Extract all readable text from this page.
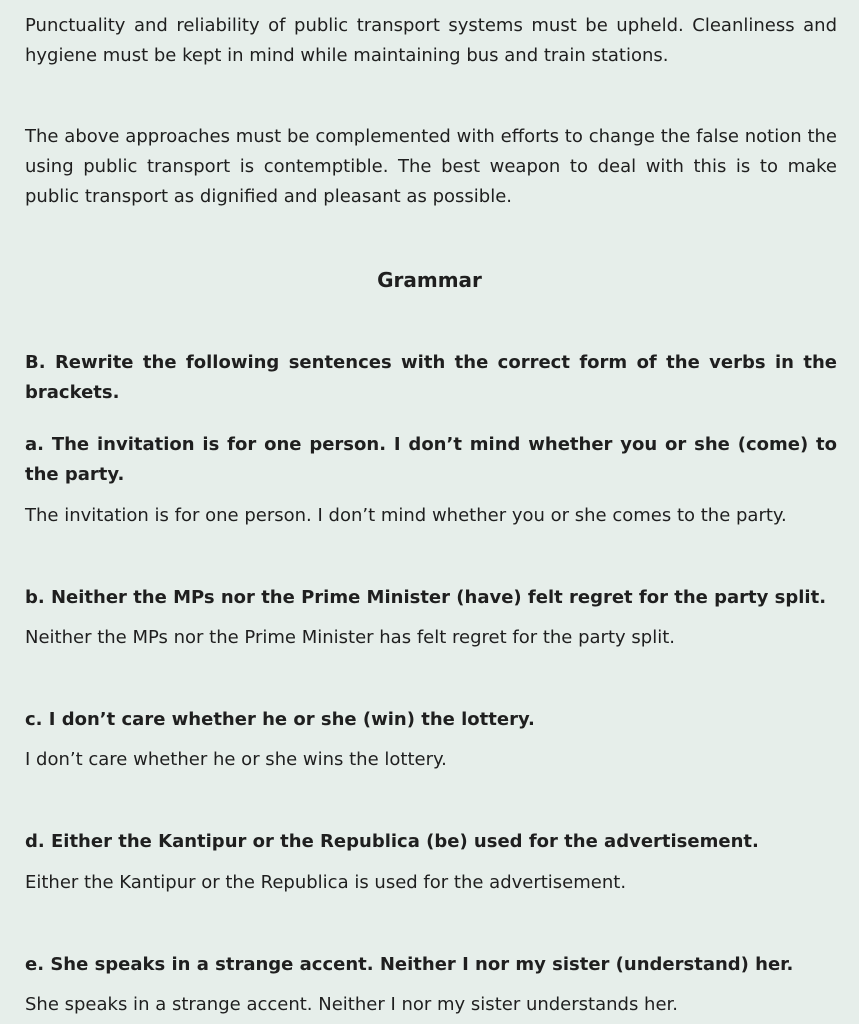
Punctuality and reliability of public transport systems must be upheld. Cleanliness and hygiene must be kept in mind while maintaining bus and train stations.

The above approaches must be complemented with efforts to change the false notion the using public transport is contemptible. The best weapon to deal with this is to make public transport as dignified and pleasant as possible.

Grammar

B. Rewrite the following sentences with the correct form of the verbs in the brackets.

a. The invitation is for one person. I don’t mind whether you or she (come) to the party.

The invitation is for one person. I don’t mind whether you or she comes to the party.

b. Neither the MPs nor the Prime Minister (have) felt regret for the party split.

Neither the MPs nor the Prime Minister has felt regret for the party split.

c. I don’t care whether he or she (win) the lottery.

I don’t care whether he or she wins the lottery.

d. Either the Kantipur or the Republica (be) used for the advertisement.

Either the Kantipur or the Republica is used for the advertisement.

e. She speaks in a strange accent. Neither I nor my sister (understand) her.

She speaks in a strange accent. Neither I nor my sister understands her.
